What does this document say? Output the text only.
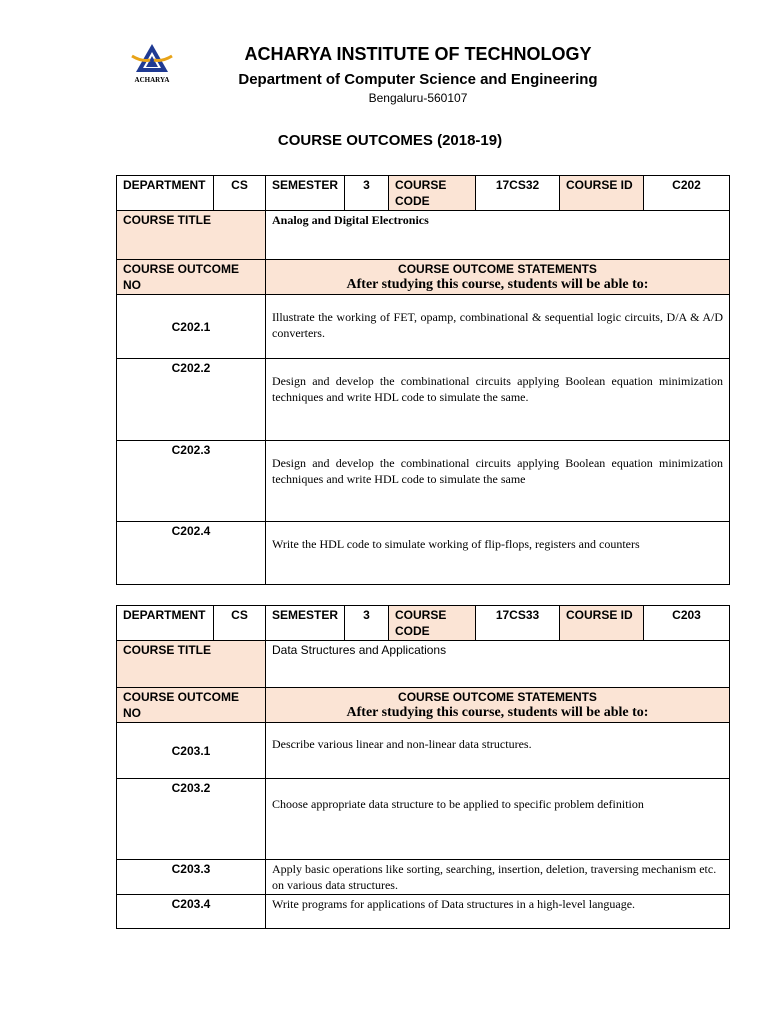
ACHARYA
ACHARYA INSTITUTE OF TECHNOLOGY
Department of Computer Science and Engineering
Bengaluru-560107
COURSE OUTCOMES (2018-19)
DEPARTMENT	CS	SEMESTER	3	COURSE CODE	17CS32	COURSE ID	C202
COURSE TITLE		Analog and Digital Electronics					
COURSE OUTCOME NO		COURSE OUTCOME STATEMENTS
After studying this course, students will be able to:					

C202.1		Illustrate the working of FET, opamp, combinational & sequential logic circuits, D/A & A/D converters.					
C202.2		Design and develop the combinational circuits applying Boolean equation minimization techniques and write HDL code to simulate the same.					
C202.3		Design and develop the combinational circuits applying Boolean equation minimization techniques and write HDL code to simulate the same					
C202.4		Write the HDL code to simulate working of flip-flops, registers and counters					
DEPARTMENT	CS	SEMESTER	3	COURSE CODE	17CS33	COURSE ID	C203
COURSE TITLE		Data Structures and Applications					
COURSE OUTCOME NO		COURSE OUTCOME STATEMENTS
After studying this course, students will be able to:					

C203.1		Describe various linear and non-linear data structures.					
C203.2		Choose appropriate data structure to be applied to specific problem definition					
C203.3		Apply basic operations like sorting, searching, insertion, deletion, traversing mechanism etc. on various data structures.					
C203.4		Write programs for applications of Data structures in a high-level language.					
